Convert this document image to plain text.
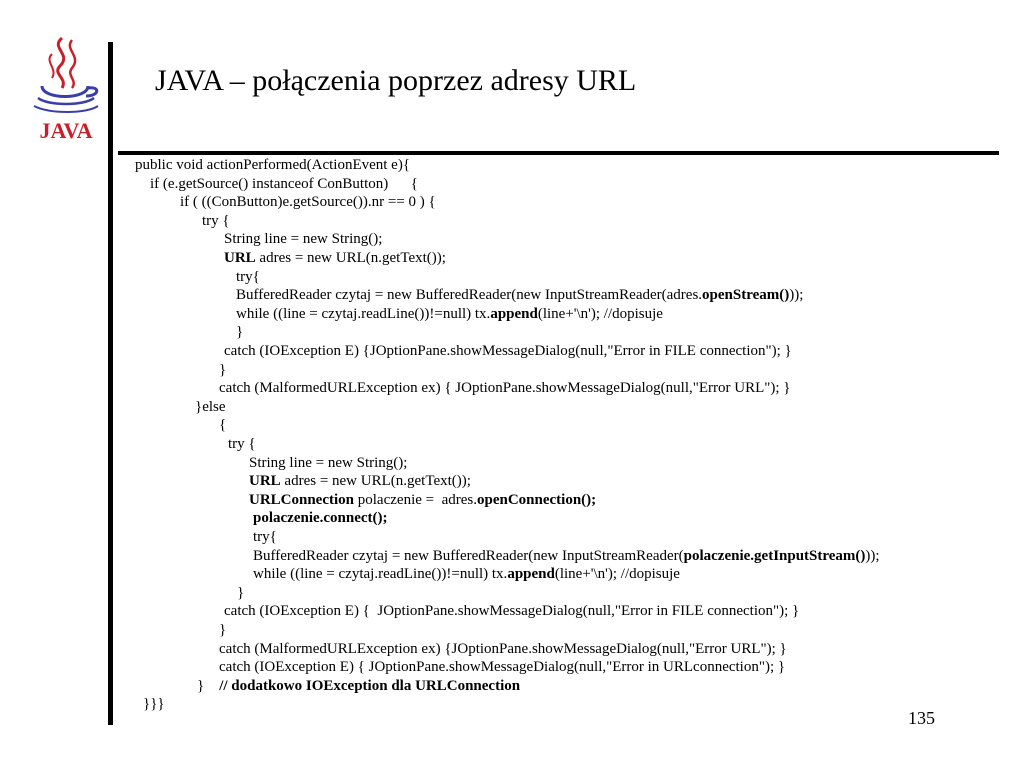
JAVA
JAVA – połączenia poprzez adresy URL
public void actionPerformed(ActionEvent e){
if (e.getSource() instanceof ConButton)      {
if ( ((ConButton)e.getSource()).nr == 0 ) {
try {
String line = new String();
URL adres = new URL(n.getText());
try{
BufferedReader czytaj = new BufferedReader(new InputStreamReader(adres.openStream()));
while ((line = czytaj.readLine())!=null) tx.append(line+'\n'); //dopisuje
}
catch (IOException E) {JOptionPane.showMessageDialog(null,"Error in FILE connection"); }
}
catch (MalformedURLException ex) { JOptionPane.showMessageDialog(null,"Error URL"); }
}else
{
try {
String line = new String();
URL adres = new URL(n.getText());
URLConnection polaczenie =  adres.openConnection();
polaczenie.connect();
try{
BufferedReader czytaj = new BufferedReader(new InputStreamReader(polaczenie.getInputStream()));
while ((line = czytaj.readLine())!=null) tx.append(line+'\n'); //dopisuje
}
catch (IOException E) {  JOptionPane.showMessageDialog(null,"Error in FILE connection"); }
}
catch (MalformedURLException ex) {JOptionPane.showMessageDialog(null,"Error URL"); }
catch (IOException E) { JOptionPane.showMessageDialog(null,"Error in URLconnection"); }
}    // dodatkowo IOException dla URLConnection
}}}
135
